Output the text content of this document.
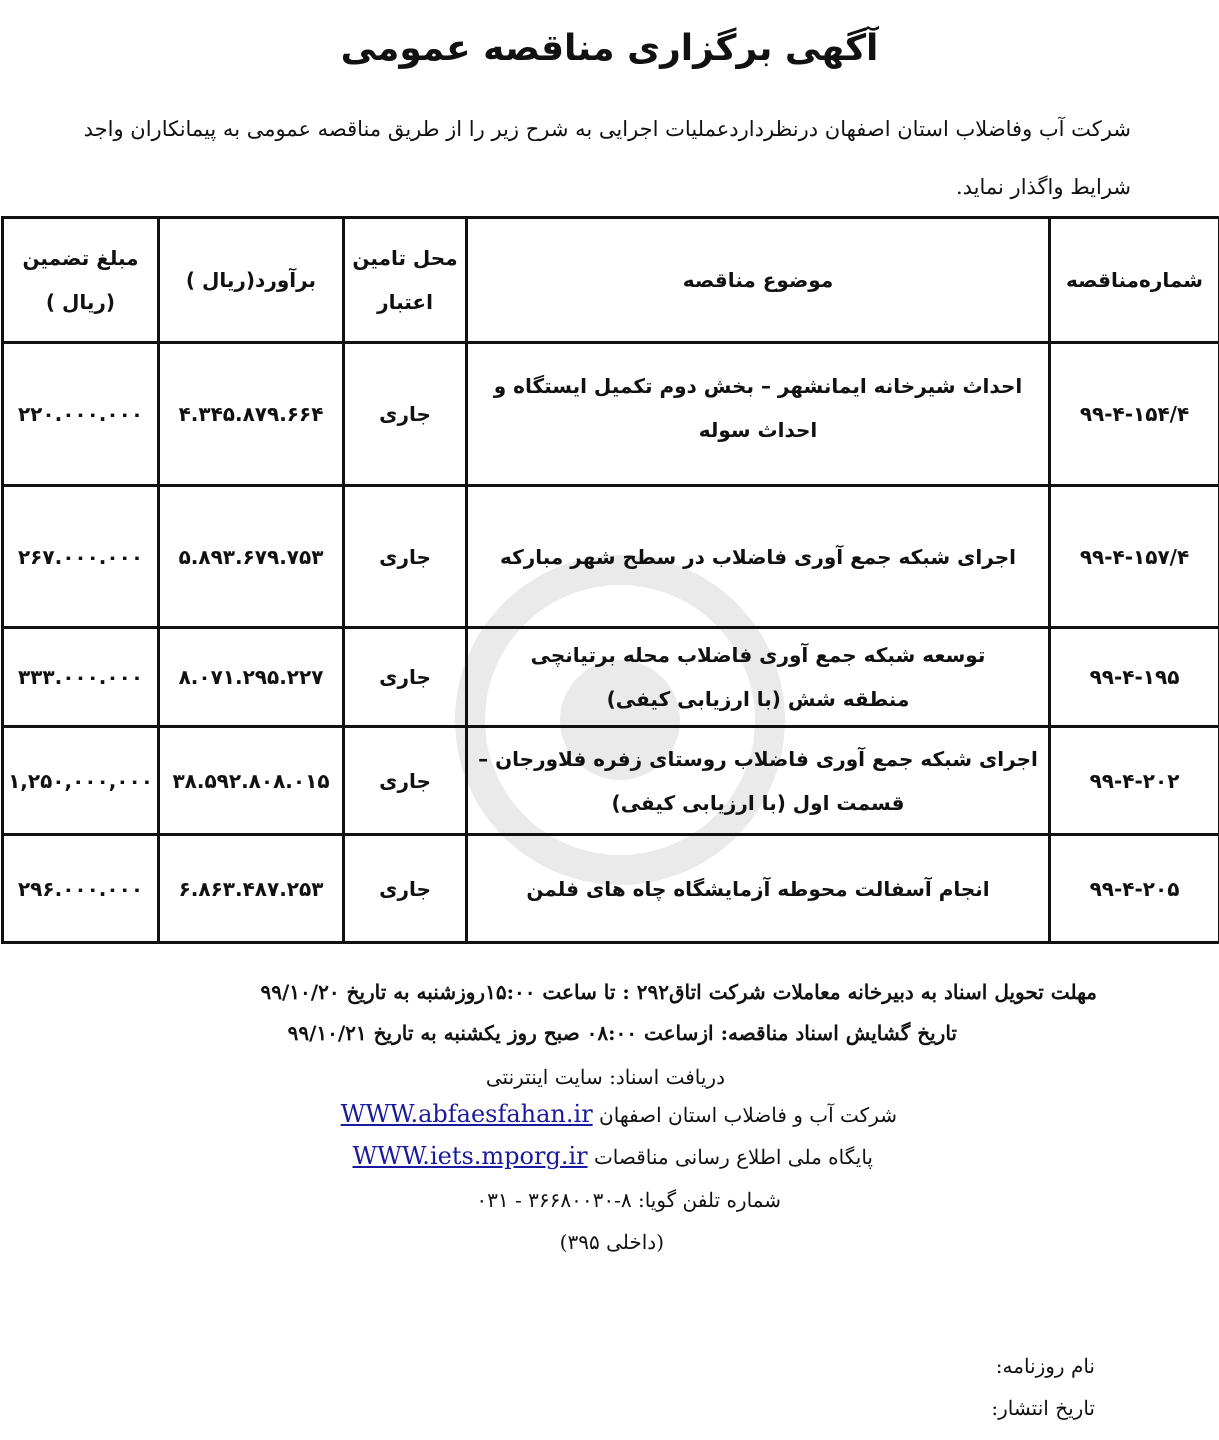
آگهی برگزاری مناقصه عمومی
شرکت آب وفاضلاب استان اصفهان درنظرداردعملیات اجرایی به شرح زیر را از طریق مناقصه عمومی به پیمانکاران واجد شرایط واگذار نماید.
شماره‌مناقصه	موضوع مناقصه	محل تامین اعتبار	برآورد(ریال )	مبلغ تضمین (ریال )
۹۹-۴-۱۵۴/۴	احداث شیرخانه ایمانشهر – بخش دوم تکمیل ایستگاه و احداث سوله	جاری	۴.۳۴۵.۸۷۹.۶۶۴	۲۲۰.۰۰۰.۰۰۰
۹۹-۴-۱۵۷/۴	اجرای شبکه جمع آوری فاضلاب در سطح شهر مبارکه	جاری	۵.۸۹۳.۶۷۹.۷۵۳	۲۶۷.۰۰۰.۰۰۰
۹۹-۴-۱۹۵	توسعه شبکه جمع آوری فاضلاب محله برتیانچی منطقه شش (با ارزیابی کیفی)	جاری	۸.۰۷۱.۲۹۵.۲۲۷	۳۳۳.۰۰۰.۰۰۰
۹۹-۴-۲۰۲	اجرای شبکه جمع آوری فاضلاب روستای زفره فلاورجان – قسمت اول (با ارزیابی کیفی)	جاری	۳۸.۵۹۲.۸۰۸.۰۱۵	۱,۲۵۰,۰۰۰,۰۰۰
۹۹-۴-۲۰۵	انجام آسفالت محوطه آزمایشگاه چاه های فلمن	جاری	۶.۸۶۳.۴۸۷.۲۵۳	۲۹۶.۰۰۰.۰۰۰
مهلت تحویل اسناد به دبیرخانه معاملات شرکت اتاق۲۹۲ : تا ساعت ۱۵:۰۰روزشنبه به تاریخ ۹۹/۱۰/۲۰
تاریخ گشایش اسناد مناقصه: ازساعت ۰۸:۰۰ صبح روز یکشنبه به تاریخ ۹۹/۱۰/۲۱
دریافت اسناد: سایت اینترنتی
شرکت آب و فاضلاب استان اصفهان WWW.abfaesfahan.ir
پایگاه ملی اطلاع رسانی مناقصات WWW.iets.mporg.ir
شماره تلفن گویا: ۸-۳۶۶۸۰۰۳۰ - ۰۳۱
(داخلی ۳۹۵)
نام روزنامه:
تاریخ انتشار:
